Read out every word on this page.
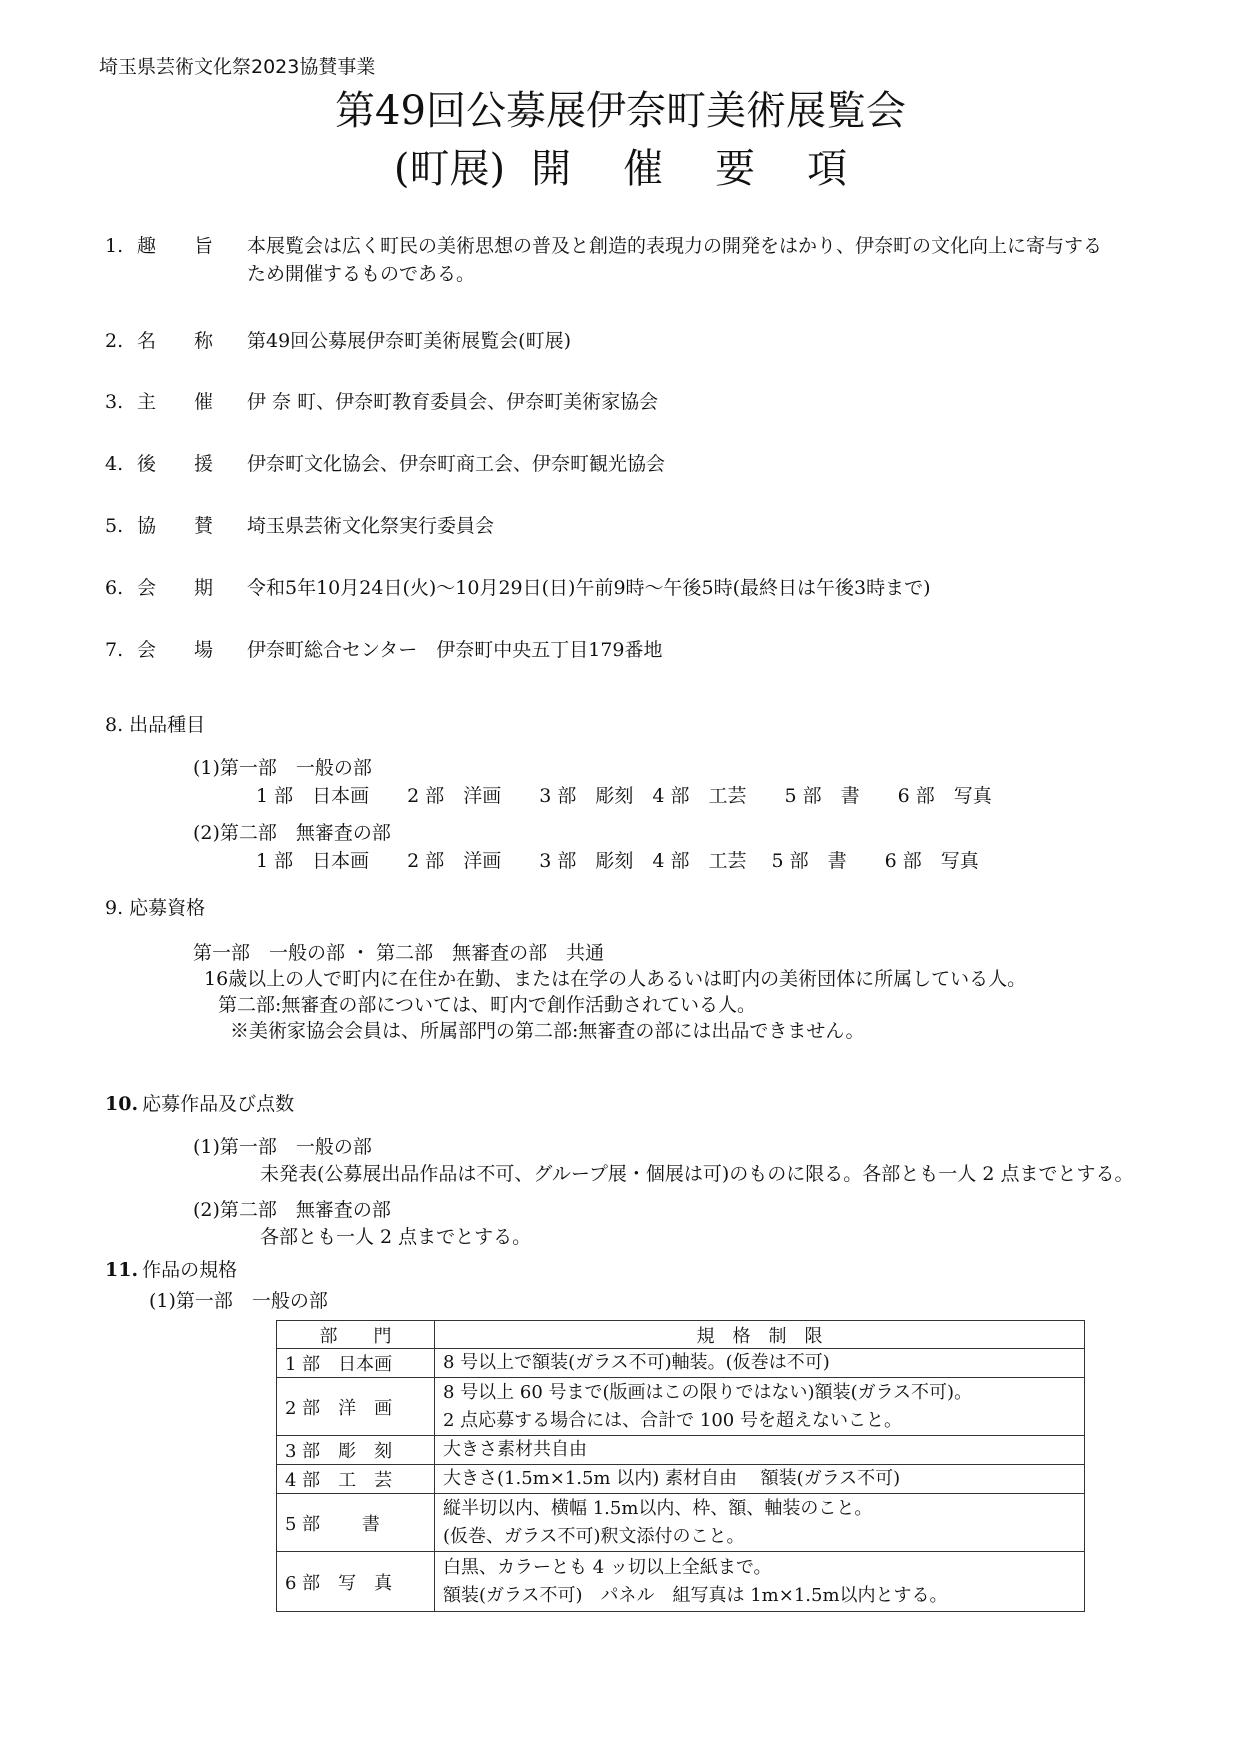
埼玉県芸術文化祭2023協賛事業
第49回公募展伊奈町美術展覧会
(町展) 開 催 要 項
1. 趣　　旨 本展覧会は広く町民の美術思想の普及と創造的表現力の開発をはかり、伊奈町の文化向上に寄与する
ため開催するものである。
2. 名　　称 第49回公募展伊奈町美術展覧会(町展)
3. 主　　催 伊 奈 町、伊奈町教育委員会、伊奈町美術家協会
4. 後　　援 伊奈町文化協会、伊奈町商工会、伊奈町観光協会
5. 協　　賛 埼玉県芸術文化祭実行委員会
6. 会　　期 令和5年10月24日(火)～10月29日(日)午前9時～午後5時(最終日は午後3時まで)
7. 会　　場 伊奈町総合センター　伊奈町中央五丁目179番地
8. 出品種目
(1)第一部　一般の部
1 部　日本画　　2 部　洋画　　3 部　彫刻　4 部　工芸　　5 部　書　　6 部　写真
(2)第二部　無審査の部
1 部　日本画　　2 部　洋画　　3 部　彫刻　4 部　工芸　 5 部　書　　6 部　写真
9. 応募資格
第一部　一般の部 ・ 第二部　無審査の部　共通
16歳以上の人で町内に在住か在勤、または在学の人あるいは町内の美術団体に所属している人。
第二部:無審査の部については、町内で創作活動されている人。
※美術家協会会員は、所属部門の第二部:無審査の部には出品できません。
10. 応募作品及び点数
(1)第一部　一般の部
未発表(公募展出品作品は不可、グループ展・個展は可)のものに限る。各部とも一人 2 点までとする。
(2)第二部　無審査の部
各部とも一人 2 点までとする。
11. 作品の規格
(1)第一部　一般の部
部　　門	規　格　制　限
1 部　日本画	8 号以上で額装(ガラス不可)軸装。(仮巻は不可)

2 部　洋　画	8 号以上 60 号まで(版画はこの限りではない)額装(ガラス不可)。
2 点応募する場合には、合計で 100 号を超えないこと。

3 部　彫　刻	大きさ素材共自由

4 部　工　芸	大きさ(1.5m×1.5m 以内) 素材自由　 額装(ガラス不可)

5 部　　 書	縦半切以内、横幅 1.5m以内、枠、額、軸装のこと。
(仮巻、ガラス不可)釈文添付のこと。

6 部　写　真	白黒、カラーとも 4 ッ切以上全紙まで。
額装(ガラス不可)　パネル　組写真は 1m×1.5m以内とする。
